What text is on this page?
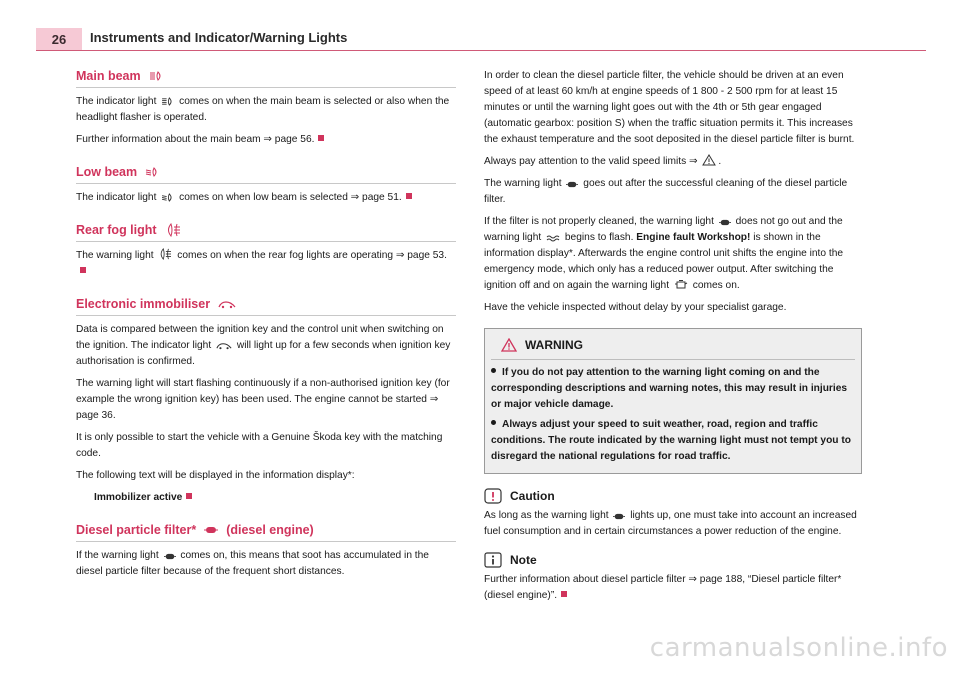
26	Instruments and Indicator/Warning Lights
Main beam

The indicator light comes on when the main beam is selected or also when the headlight flasher is operated.

Further information about the main beam ⇒ page 56.

Low beam

The indicator light comes on when low beam is selected ⇒ page 51.

Rear fog light

The warning light comes on when the rear fog lights are operating ⇒ page 53.

Electronic immobiliser

Data is compared between the ignition key and the control unit when switching on the ignition. The indicator light	will light up for a few seconds when ignition key authorisation is confirmed.

The warning light will start flashing continuously if a non-authorised ignition key (for example the wrong ignition key) has been used. The engine cannot be started ⇒ page 36.

It is only possible to start the vehicle with a Genuine Škoda key with the matching code.

The following text will be displayed in the information display*:

Immobilizer active

Diesel particle filter* (diesel engine)

If the warning light comes on, this means that soot has accumulated in the diesel particle filter because of the frequent short distances.

In order to clean the diesel particle filter, the vehicle should be driven at an even speed of at least 60 km/h at engine speeds of 1 800 - 2 500 rpm for at least 15 minutes or until the warning light goes out with the 4th or 5th gear engaged (automatic gearbox: position S) when the traffic situation permits it. This increases the exhaust temperature and the soot deposited in the diesel particle filter is burnt.

Always pay attention to the valid speed limits ⇒ .

The warning light goes out after the successful cleaning of the diesel particle filter.

If the filter is not properly cleaned, the warning light does not go out and the warning light begins to flash. Engine fault Workshop! is shown in the information display*. Afterwards the engine control unit shifts the engine into the emergency mode, which only has a reduced power output. After switching the ignition off and on again the warning light comes on.

Have the vehicle inspected without delay by your specialist garage.

WARNING

If you do not pay attention to the warning light coming on and the corresponding descriptions and warning notes, this may result in injuries or major vehicle damage.

Always adjust your speed to suit weather, road, region and traffic conditions. The route indicated by the warning light must not tempt you to disregard the national regulations for road traffic.

Caution

As long as the warning light lights up, one must take into account an increased fuel consumption and in certain circumstances a power reduction of the engine.

Note

Further information about diesel particle filter ⇒ page 188, “Diesel particle filter* (diesel engine)”.

carmanualsonline.info
